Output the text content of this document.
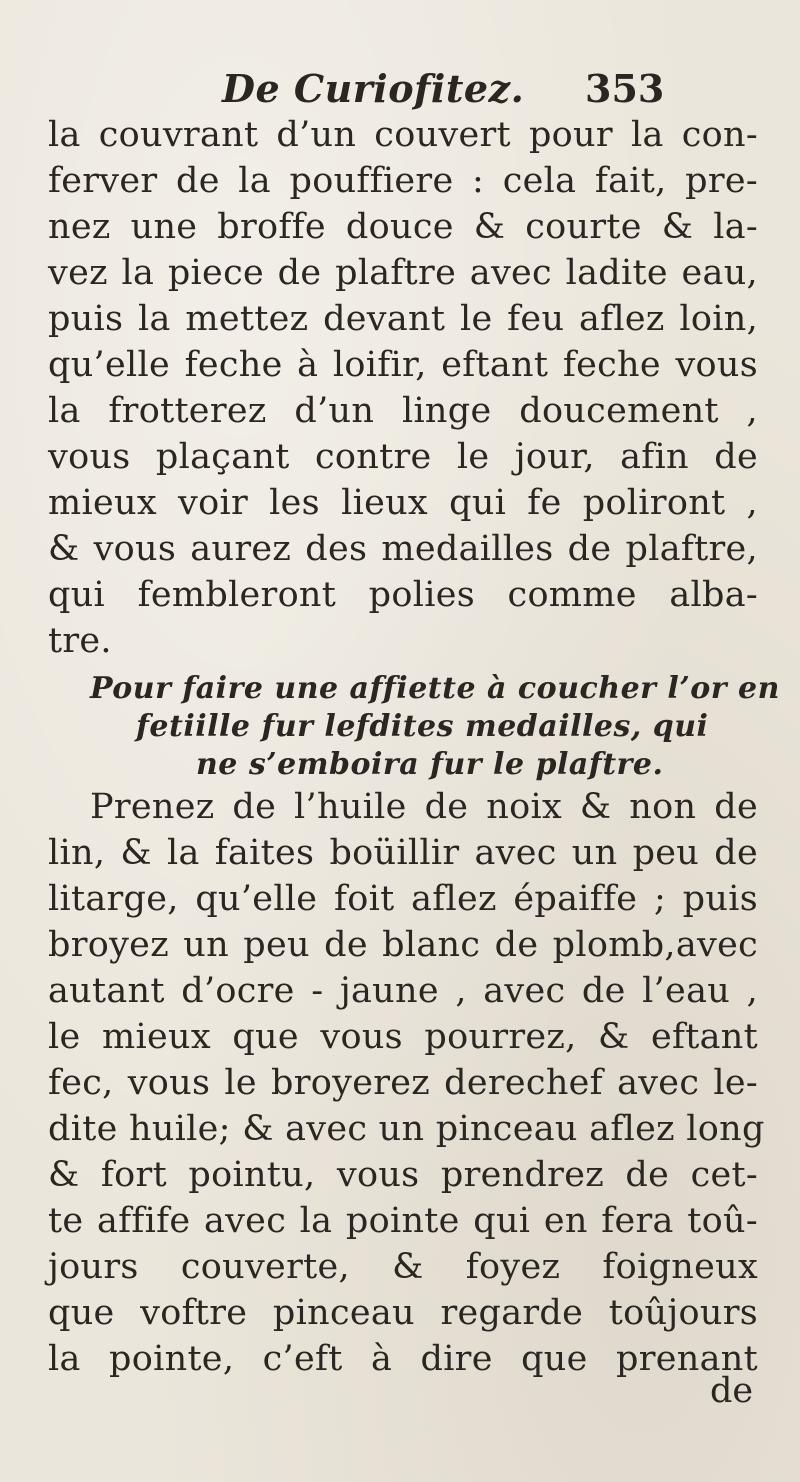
De Curiofitez. 353
la couvrant d’un couvert pour la con-
ferver de la pouffiere : cela fait, pre-
nez une broffe douce & courte & la-
vez la piece de plaftre avec ladite eau,
puis la mettez devant le feu aflez loin,
qu’elle feche à loifir, eftant feche vous
la frotterez d’un linge doucement ,
vous plaçant contre le jour, afin de
mieux voir les lieux qui fe poliront ,
& vous aurez des medailles de plaftre,
qui fembleront polies comme alba-
tre.
Pour faire une affiette à coucher l’or en
fetiille fur lefdites medailles, qui
ne s’emboira fur le plaftre.
Prenez de l’huile de noix & non de
lin, & la faites boüillir avec un peu de
litarge, qu’elle foit aflez épaiffe ; puis
broyez un peu de blanc de plomb,avec
autant d’ocre - jaune , avec de l’eau ,
le mieux que vous pourrez, & eftant
fec, vous le broyerez derechef avec le-
dite huile; & avec un pinceau aflez long
& fort pointu, vous prendrez de cet-
te affife avec la pointe qui en fera toû-
jours couverte, & foyez foigneux
que voftre pinceau regarde toûjours
la pointe, c’eft à dire que prenant
de
